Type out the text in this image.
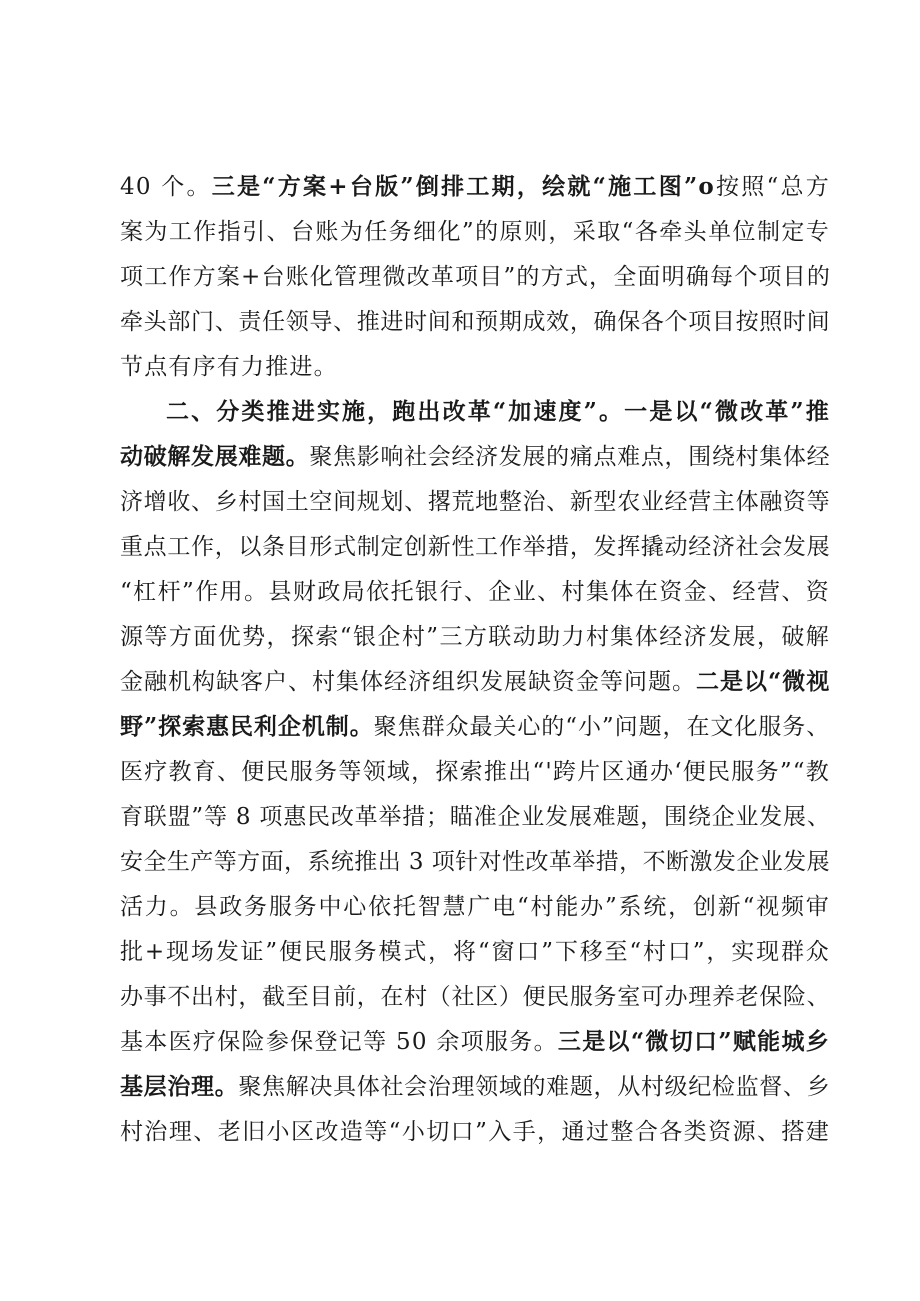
40 个。三是“方案+台版”倒排工期，绘就“施工图”o按照“总方
案为工作指引、台账为任务细化”的原则，采取“各牵头单位制定专
项工作方案+台账化管理微改革项目”的方式，全面明确每个项目的
牵头部门、责任领导、推进时间和预期成效，确保各个项目按照时间
节点有序有力推进。
二、分类推进实施，跑出改革“加速度”。一是以“微改革”推
动破解发展难题。聚焦影响社会经济发展的痛点难点，围绕村集体经
济增收、乡村国土空间规划、撂荒地整治、新型农业经营主体融资等
重点工作，以条目形式制定创新性工作举措，发挥撬动经济社会发展
“杠杆”作用。县财政局依托银行、企业、村集体在资金、经营、资
源等方面优势，探索“银企村”三方联动助力村集体经济发展，破解
金融机构缺客户、村集体经济组织发展缺资金等问题。二是以“微视
野”探索惠民利企机制。聚焦群众最关心的“小”问题，在文化服务、
医疗教育、便民服务等领域，探索推出“'跨片区通办‘便民服务”“教
育联盟”等 8 项惠民改革举措；瞄准企业发展难题，围绕企业发展、
安全生产等方面，系统推出 3 项针对性改革举措，不断激发企业发展
活力。县政务服务中心依托智慧广电“村能办”系统，创新“视频审
批+现场发证”便民服务模式，将“窗口”下移至“村口”，实现群众
办事不出村，截至目前，在村（社区）便民服务室可办理养老保险、
基本医疗保险参保登记等 50 余项服务。三是以“微切口”赋能城乡
基层治理。聚焦解决具体社会治理领域的难题，从村级纪检监督、乡
村治理、老旧小区改造等“小切口”入手，通过整合各类资源、搭建
